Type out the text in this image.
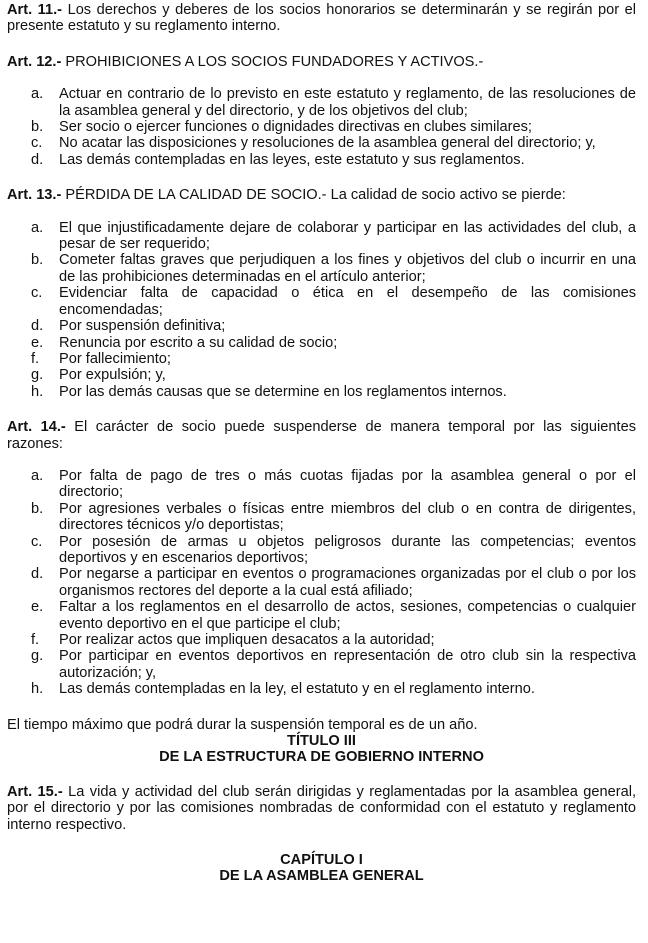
Art. 11.- Los derechos y deberes de los socios honorarios se determinarán y se regirán por el presente estatuto y su reglamento interno.

Art. 12.- PROHIBICIONES A LOS SOCIOS FUNDADORES Y ACTIVOS.-

a. Actuar en contrario de lo previsto en este estatuto y reglamento, de las resoluciones de la asamblea general y del directorio, y de los objetivos del club;
b. Ser socio o ejercer funciones o dignidades directivas en clubes similares;
c. No acatar las disposiciones y resoluciones de la asamblea general del directorio; y,
d. Las demás contempladas en las leyes, este estatuto y sus reglamentos.

Art. 13.- PÉRDIDA DE LA CALIDAD DE SOCIO.- La calidad de socio activo se pierde:

a. El que injustificadamente dejare de colaborar y participar en las actividades del club, a pesar de ser requerido;
b. Cometer faltas graves que perjudiquen a los fines y objetivos del club o incurrir en una de las prohibiciones determinadas en el artículo anterior;
c. Evidenciar falta de capacidad o ética en el desempeño de las comisiones encomendadas;
d. Por suspensión definitiva;
e. Renuncia por escrito a su calidad de socio;
f. Por fallecimiento;
g. Por expulsión; y,
h. Por las demás causas que se determine en los reglamentos internos.

Art. 14.- El carácter de socio puede suspenderse de manera temporal por las siguientes razones:

a. Por falta de pago de tres o más cuotas fijadas por la asamblea general o por el directorio;
b. Por agresiones verbales o físicas entre miembros del club o en contra de dirigentes, directores técnicos y/o deportistas;
c. Por posesión de armas u objetos peligrosos durante las competencias; eventos deportivos y en escenarios deportivos;
d. Por negarse a participar en eventos o programaciones organizadas por el club o por los organismos rectores del deporte a la cual está afiliado;
e. Faltar a los reglamentos en el desarrollo de actos, sesiones, competencias o cualquier evento deportivo en el que participe el club;
f. Por realizar actos que impliquen desacatos a la autoridad;
g. Por participar en eventos deportivos en representación de otro club sin la respectiva autorización; y,
h. Las demás contempladas en la ley, el estatuto y en el reglamento interno.

El tiempo máximo que podrá durar la suspensión temporal es de un año.

TÍTULO III

DE LA ESTRUCTURA DE GOBIERNO INTERNO

Art. 15.- La vida y actividad del club serán dirigidas y reglamentadas por la asamblea general, por el directorio y por las comisiones nombradas de conformidad con el estatuto y reglamento interno respectivo.

CAPÍTULO I

DE LA ASAMBLEA GENERAL
